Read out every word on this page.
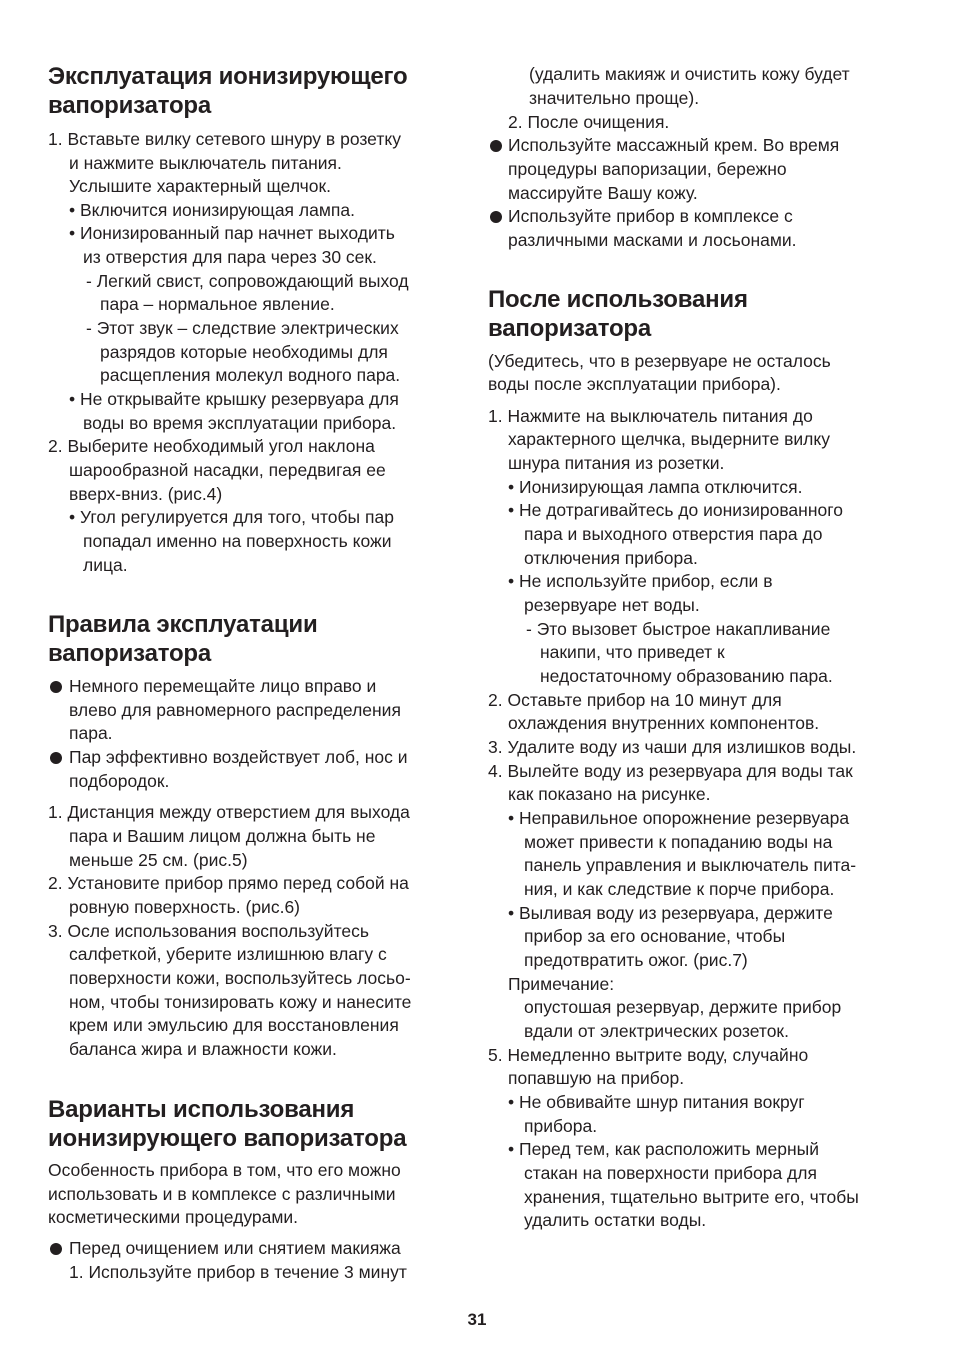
Эксплуатация ионизирующего
вапоризатора
1. Вставьте вилку сетевого шнуру в розетку
и нажмите выключатель питания.
Услышите характерный щелчок.
• Включится ионизирующая лампа.
• Ионизированный пар начнет выходить
из отверстия для пара через 30 сек.
- Легкий свист, сопровождающий выход
пара – нормальное явление.
- Этот звук – следствие электрических
разрядов которые необходимы для
расщепления молекул водного пара.
• Не открывайте крышку резервуара для
воды во время эксплуатации прибора.
2. Выберите необходимый угол наклона
шарообразной насадки, передвигая ее
вверх-вниз. (рис.4)
• Угол регулируется для того, чтобы пар
попадал именно на поверхность кожи
лица.
Правила эксплуатации
вапоризатора
Немного перемещайте лицо вправо и
влево для равномерного распределения
пара.
Пар эффективно воздействует лоб, нос и
подбородок.
1. Дистанция между отверстием для выхода
пара и Вашим лицом должна быть не
меньше 25 см. (рис.5)
2. Установите прибор прямо перед собой на
ровную поверхность. (рис.6)
3. Осле использования воспользуйтесь
салфеткой, уберите излишнюю влагу с
поверхности кожи, воспользуйтесь лосьо-
ном, чтобы тонизировать кожу и нанесите
крем или эмульсию для восстановления
баланса жира и влажности кожи.
Варианты использования
ионизирующего вапоризатора
Особенность прибора в том, что его можно
использовать и в комплексе с различными
косметическими процедурами.
Перед очищением или снятием макияжа
1. Используйте прибор в течение 3 минут
(удалить макияж и очистить кожу будет
значительно проще).
2. После очищения.
Используйте массажный крем. Во время
процедуры вапоризации, бережно
массируйте Вашу кожу.
Используйте прибор в комплексе с
различными масками и лосьонами.
После использования
вапоризатора
(Убедитесь, что в резервуаре не осталось
воды после эксплуатации прибора).
1. Нажмите на выключатель питания до
характерного щелчка, выдерните вилку
шнура питания из розетки.
• Ионизирующая лампа отключится.
• Не дотрагивайтесь до ионизированного
пара и выходного отверстия пара до
отключения прибора.
• Не используйте прибор, если в
резервуаре нет воды.
- Это вызовет быстрое накапливание
накипи, что приведет к
недостаточному образованию пара.
2. Оставьте прибор на 10 минут для
охлаждения внутренних компонентов.
3. Удалите воду из чаши для излишков воды.
4. Вылейте воду из резервуара для воды так
как показано на рисунке.
• Неправильное опорожнение резервуара
может привести к попаданию воды на
панель управления и выключатель пита-
ния, и как следствие к порче прибора.
• Выливая воду из резервуара, держите
прибор за его основание, чтобы
предотвратить ожог. (рис.7)
Примечание:
опустошая резервуар, держите прибор
вдали от электрических розеток.
5. Немедленно вытрите воду, случайно
попавшую на прибор.
• Не обвивайте шнур питания вокруг
прибора.
• Перед тем, как расположить мерный
стакан на поверхности прибора для
хранения, тщательно вытрите его, чтобы
удалить остатки воды.
31
